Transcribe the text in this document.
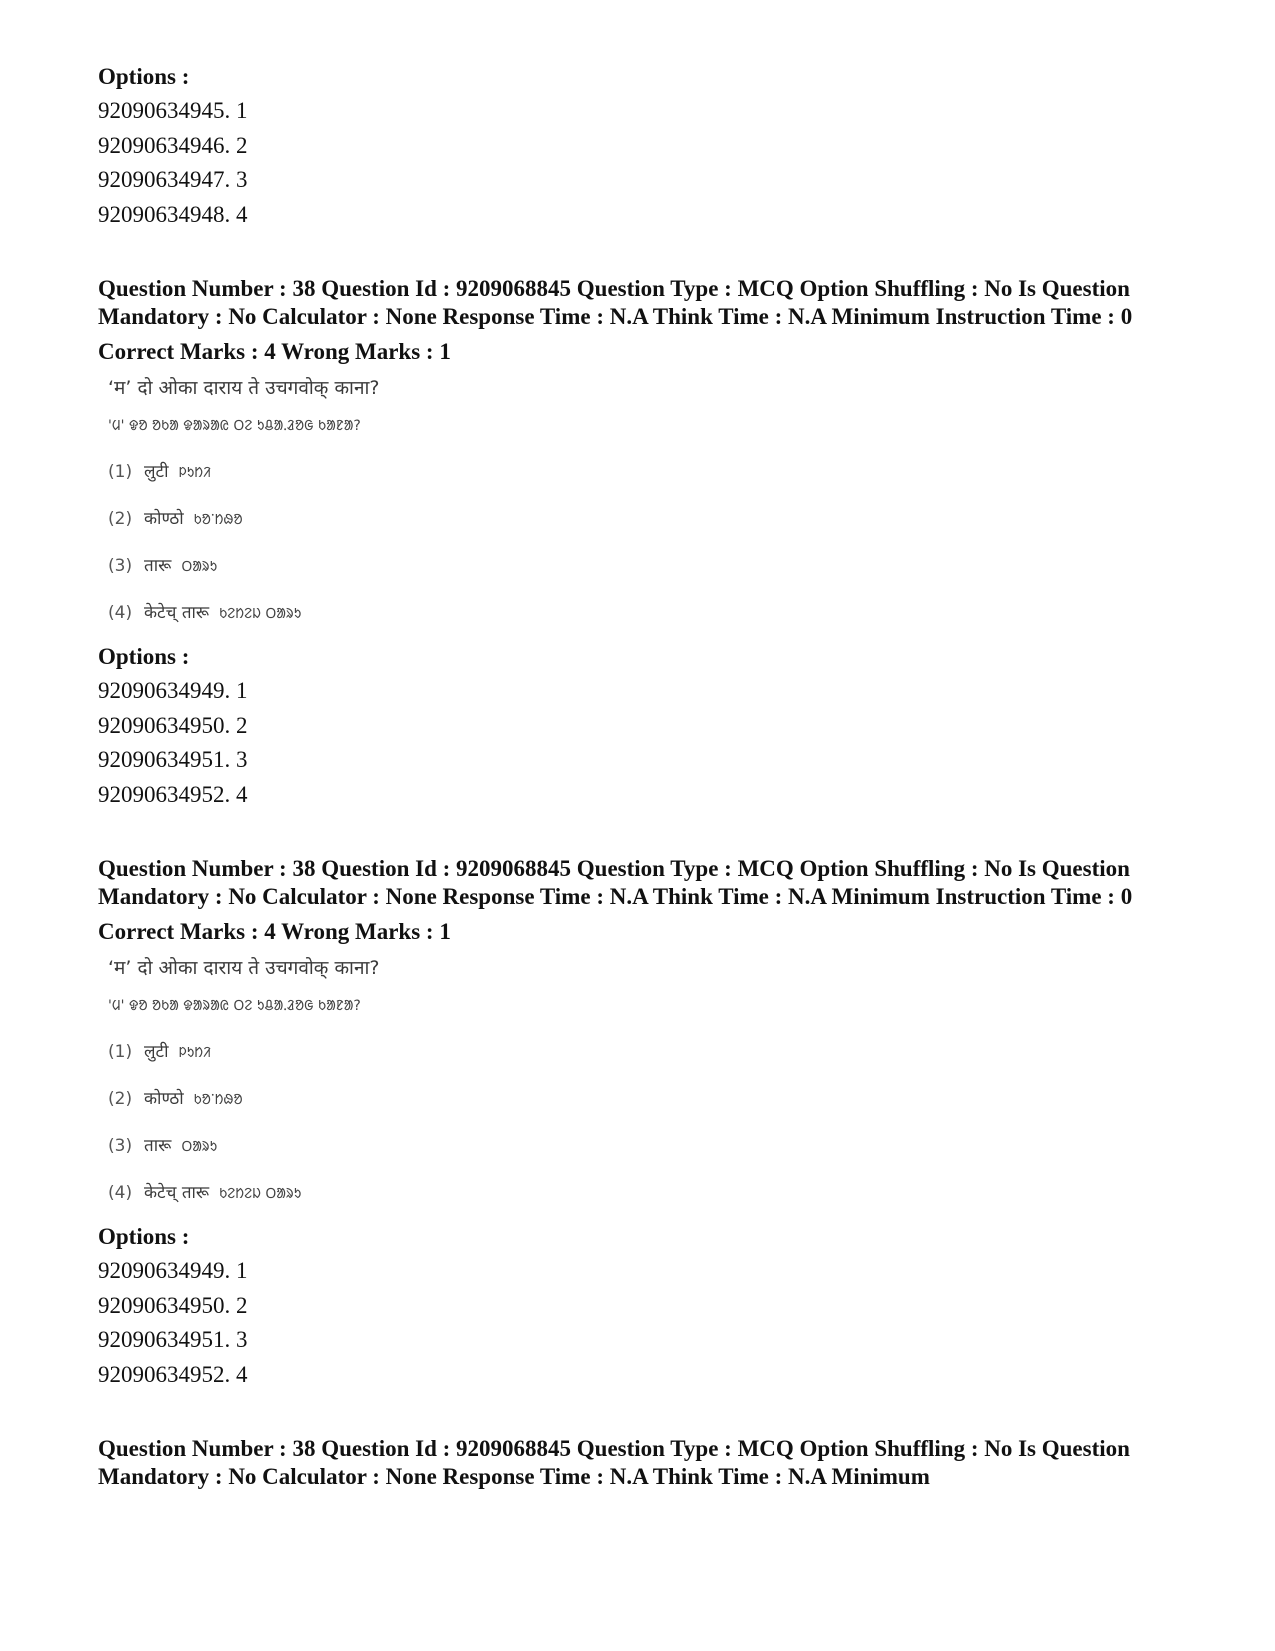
Options :
92090634945. 1
92090634946. 2
92090634947. 3
92090634948. 4
Question Number : 38 Question Id : 9209068845 Question Type : MCQ Option Shuffling : No Is Question Mandatory : No Calculator : None Response Time : N.A Think Time : N.A Minimum Instruction Time : 0
Correct Marks : 4 Wrong Marks : 1
‘म’ दो ओका दाराय ते उचगवोक् काना?
'ᱢ' ᱫᱚ ᱚᱠᱟ ᱫᱟᱨᱟᱭ ᱛᱮ ᱩᱪᱟᱹᱲᱚᱜ ᱠᱟᱱᱟ?
(1) लुटी ᱞᱩᱴᱤ
(2) कोण्ठो ᱠᱚᱸᱴᱷᱚ
(3) तारू ᱛᱟᱨᱩ
(4) केटेच् तारू ᱠᱮᱴᱮᱡ ᱛᱟᱨᱩ
Options :
92090634949. 1
92090634950. 2
92090634951. 3
92090634952. 4
Question Number : 38 Question Id : 9209068845 Question Type : MCQ Option Shuffling : No Is Question Mandatory : No Calculator : None Response Time : N.A Think Time : N.A Minimum Instruction Time : 0
Correct Marks : 4 Wrong Marks : 1
‘म’ दो ओका दाराय ते उचगवोक् काना?
'ᱢ' ᱫᱚ ᱚᱠᱟ ᱫᱟᱨᱟᱭ ᱛᱮ ᱩᱪᱟᱹᱲᱚᱜ ᱠᱟᱱᱟ?
(1) लुटी ᱞᱩᱴᱤ
(2) कोण्ठो ᱠᱚᱸᱴᱷᱚ
(3) तारू ᱛᱟᱨᱩ
(4) केटेच् तारू ᱠᱮᱴᱮᱡ ᱛᱟᱨᱩ
Options :
92090634949. 1
92090634950. 2
92090634951. 3
92090634952. 4
Question Number : 38 Question Id : 9209068845 Question Type : MCQ Option Shuffling : No Is Question Mandatory : No Calculator : None Response Time : N.A Think Time : N.A Minimum
